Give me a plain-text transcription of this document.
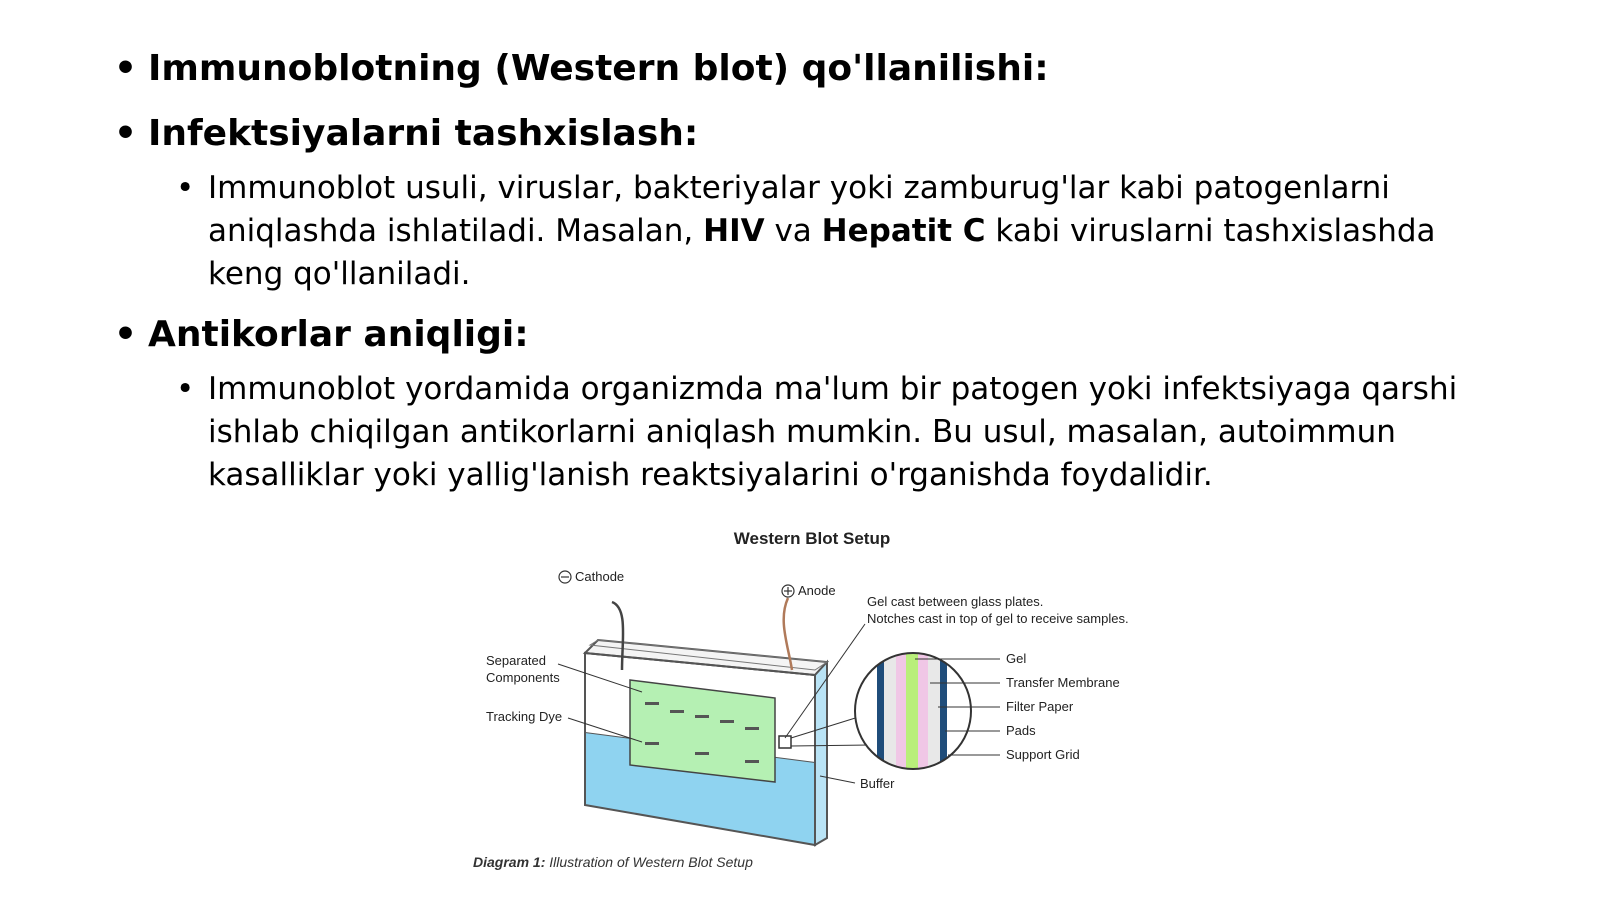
• Immunoblotning (Western blot) qo'llanilishi:
• Infektsiyalarni tashxislash:
• Immunoblot usuli, viruslar, bakteriyalar yoki zamburug'lar kabi patogenlarni aniqlashda ishlatiladi. Masalan, HIV va Hepatit C kabi viruslarni tashxislashda keng qo'llaniladi.
• Antikorlar aniqligi:
• Immunoblot yordamida organizmda ma'lum bir patogen yoki infektsiyaga qarshi ishlab chiqilgan antikorlarni aniqlash mumkin. Bu usul, masalan, autoimmun kasalliklar yoki yallig'lanish reaktsiyalarini o'rganishda foydalidir.
Western Blot Setup
Cathode
Anode
Gel cast between glass plates.
Notches cast in top of gel to receive samples.
Separated
Components
Tracking Dye
Buffer
Gel
Transfer Membrane
Filter Paper
Pads
Support Grid
Diagram 1: Illustration of Western Blot Setup
